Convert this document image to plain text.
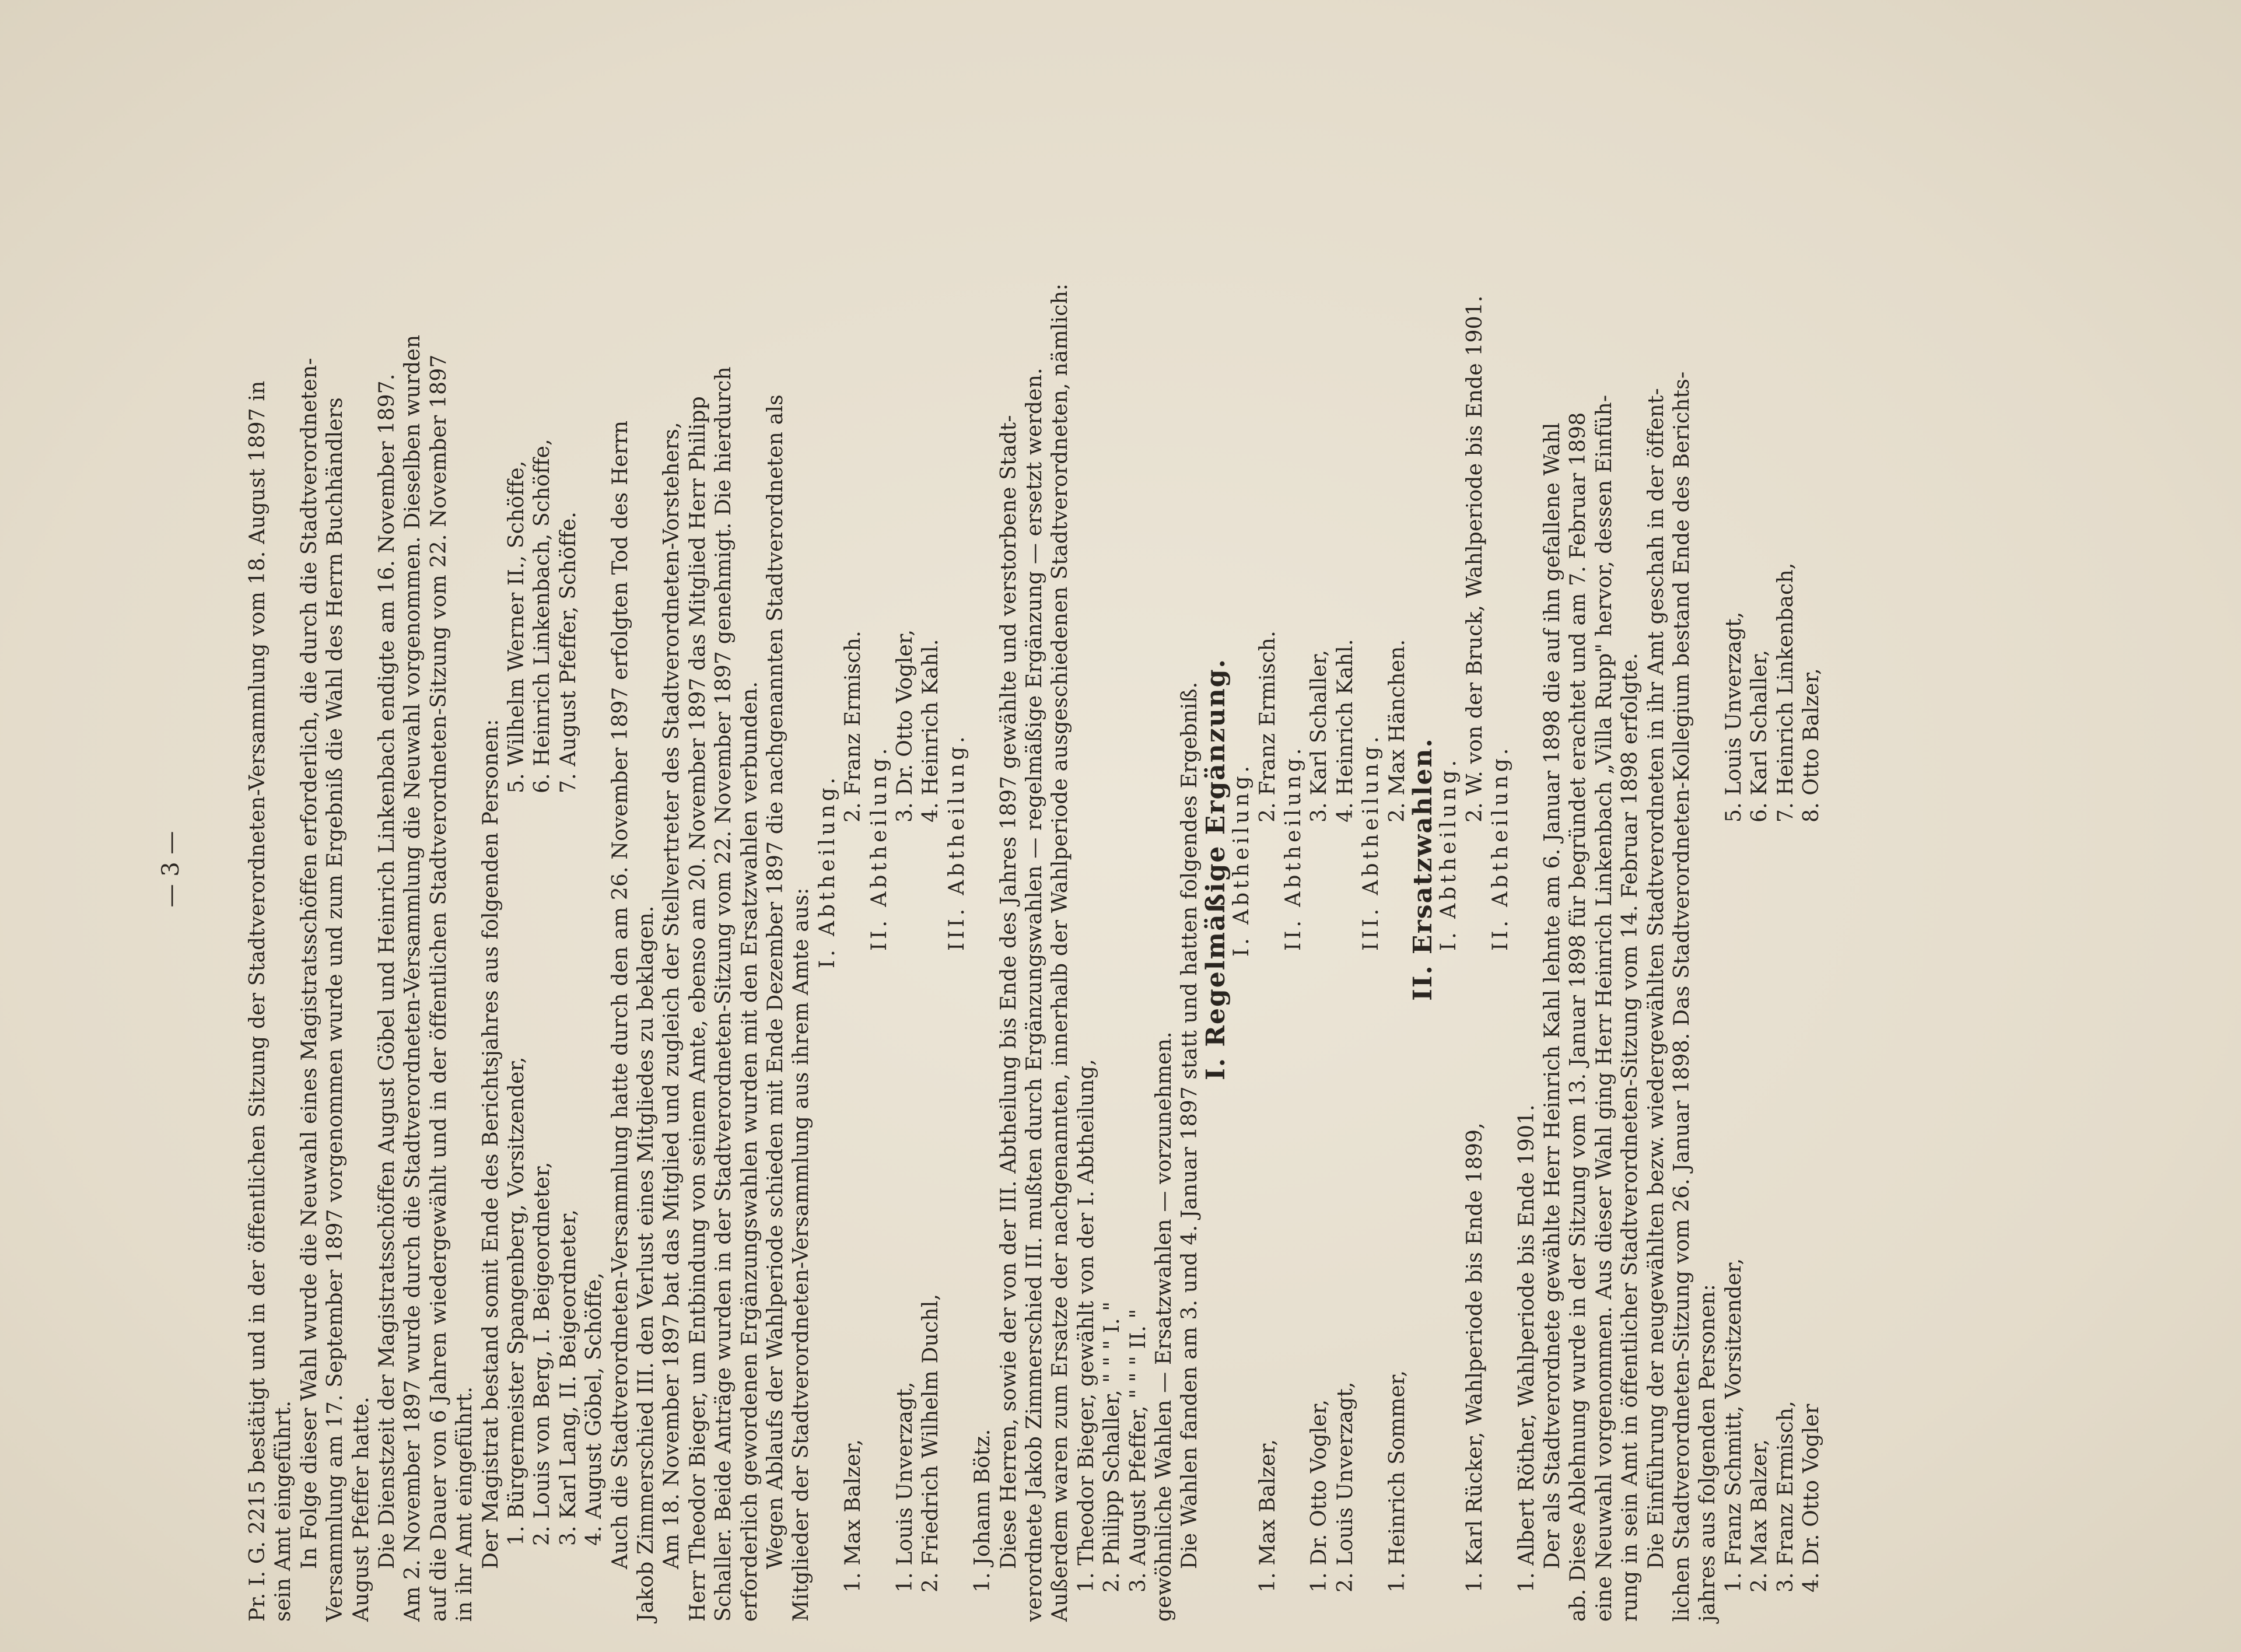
— 3 —	Pr. I. G. 2215 bestätigt und in der öffentlichen Sitzung der Stadtverordneten-Versammlung vom 18. August 1897 in sein Amt eingeführt. In Folge dieser Wahl wurde die Neuwahl eines Magistratsschöffen erforderlich, die durch die Stadtverordneten- Versammlung am 17. September 1897 vorgenommen wurde und zum Ergebniß die Wahl des Herrn Buchhändlers August Pfeffer hatte. Die Dienstzeit der Magistratsschöffen August Göbel und Heinrich Linkenbach endigte am 16. November 1897. Am 2. November 1897 wurde durch die Stadtverordneten-Versammlung die Neuwahl vorgenommen. Dieselben wurden auf die Dauer von 6 Jahren wiedergewählt und in der öffentlichen Stadtverordneten-Sitzung vom 22. November 1897 in ihr Amt eingeführt. Der Magistrat bestand somit Ende des Berichtsjahres aus folgenden Personen: 1. Bürgermeister Spangenberg, Vorsitzender,
5. Wilhelm Werner II., Schöffe,
2. Louis von Berg, I. Beigeordneter,
6. Heinrich Linkenbach, Schöffe,
3. Karl Lang, II. Beigeordneter,
7. August Pfeffer, Schöffe.
4. August Göbel, Schöffe, Auch die Stadtverordneten-Versammlung hatte durch den am 26. November 1897 erfolgten Tod des Herrn Jakob Zimmerschied III. den Verlust eines Mitgliedes zu beklagen. Am 18. November 1897 bat das Mitglied und zugleich der Stellvertreter des Stadtverordneten-Vorstehers, Herr Theodor Bieger, um Entbindung von seinem Amte, ebenso am 20. November 1897 das Mitglied Herr Philipp Schaller. Beide Anträge wurden in der Stadtverordneten-Sitzung vom 22. November 1897 genehmigt. Die hierdurch erforderlich gewordenen Ergänzungswahlen wurden mit den Ersatzwahlen verbunden. Wegen Ablaufs der Wahlperiode schieden mit Ende Dezember 1897 die nachgenannten Stadtverordneten als Mitglieder der Stadtverordneten-Versammlung aus ihrem Amte aus:
I. Abtheilung.
1. Max Balzer,
2. Franz Ermisch.
II. Abtheilung.
1. Louis Unverzagt,
3. Dr. Otto Vogler,
2. Friedrich Wilhelm Duchl,
4. Heinrich Kahl.
III. Abtheilung.
1. Johann Bötz. Diese Herren, sowie der von der III. Abtheilung bis Ende des Jahres 1897 gewählte und verstorbene Stadt- verordnete Jakob Zimmerschied III. mußten durch Ergänzungswahlen — regelmäßige Ergänzung — ersetzt werden. Außerdem waren zum Ersatze der nachgenannten, innerhalb der Wahlperiode ausgeschiedenen Stadtverordneten, nämlich: 1. Theodor Bieger, gewählt von der I. Abtheilung, 2. Philipp Schaller, " " " I. " 3. August Pfeffer, " " " II. " gewöhnliche Wahlen — Ersatzwahlen — vorzunehmen. Die Wahlen fanden am 3. und 4. Januar 1897 statt und hatten folgendes Ergebniß.
I. Regelmäßige Ergänzung.
I. Abtheilung.
1. Max Balzer,
2. Franz Ermisch.
II. Abtheilung.
1. Dr. Otto Vogler,
3. Karl Schaller,
2. Louis Unverzagt,
4. Heinrich Kahl.
III. Abtheilung.
1. Heinrich Sommer,
2. Max Hänchen.
II. Ersatzwahlen.
I. Abtheilung.
1. Karl Rücker, Wahlperiode bis Ende 1899,
2. W. von der Bruck, Wahlperiode bis Ende 1901.
II. Abtheilung.
1. Albert Röther, Wahlperiode bis Ende 1901. Der als Stadtverordnete gewählte Herr Heinrich Kahl lehnte am 6. Januar 1898 die auf ihn gefallene Wahl ab. Diese Ablehnung wurde in der Sitzung vom 13. Januar 1898 für begründet erachtet und am 7. Februar 1898 eine Neuwahl vorgenommen. Aus dieser Wahl ging Herr Heinrich Linkenbach „Villa Rupp" hervor, dessen Einfüh- rung in sein Amt in öffentlicher Stadtverordneten-Sitzung vom 14. Februar 1898 erfolgte. Die Einführung der neugewählten bezw. wiedergewählten Stadtverordneten in ihr Amt geschah in der öffent- lichen Stadtverordneten-Sitzung vom 26. Januar 1898. Das Stadtverordneten-Kollegium bestand Ende des Berichts- jahres aus folgenden Personen: 1. Franz Schmitt, Vorsitzender,
5. Louis Unverzagt,
2. Max Balzer,
6. Karl Schaller,
3. Franz Ermisch,
7. Heinrich Linkenbach,
4. Dr. Otto Vogler
8. Otto Balzer,
